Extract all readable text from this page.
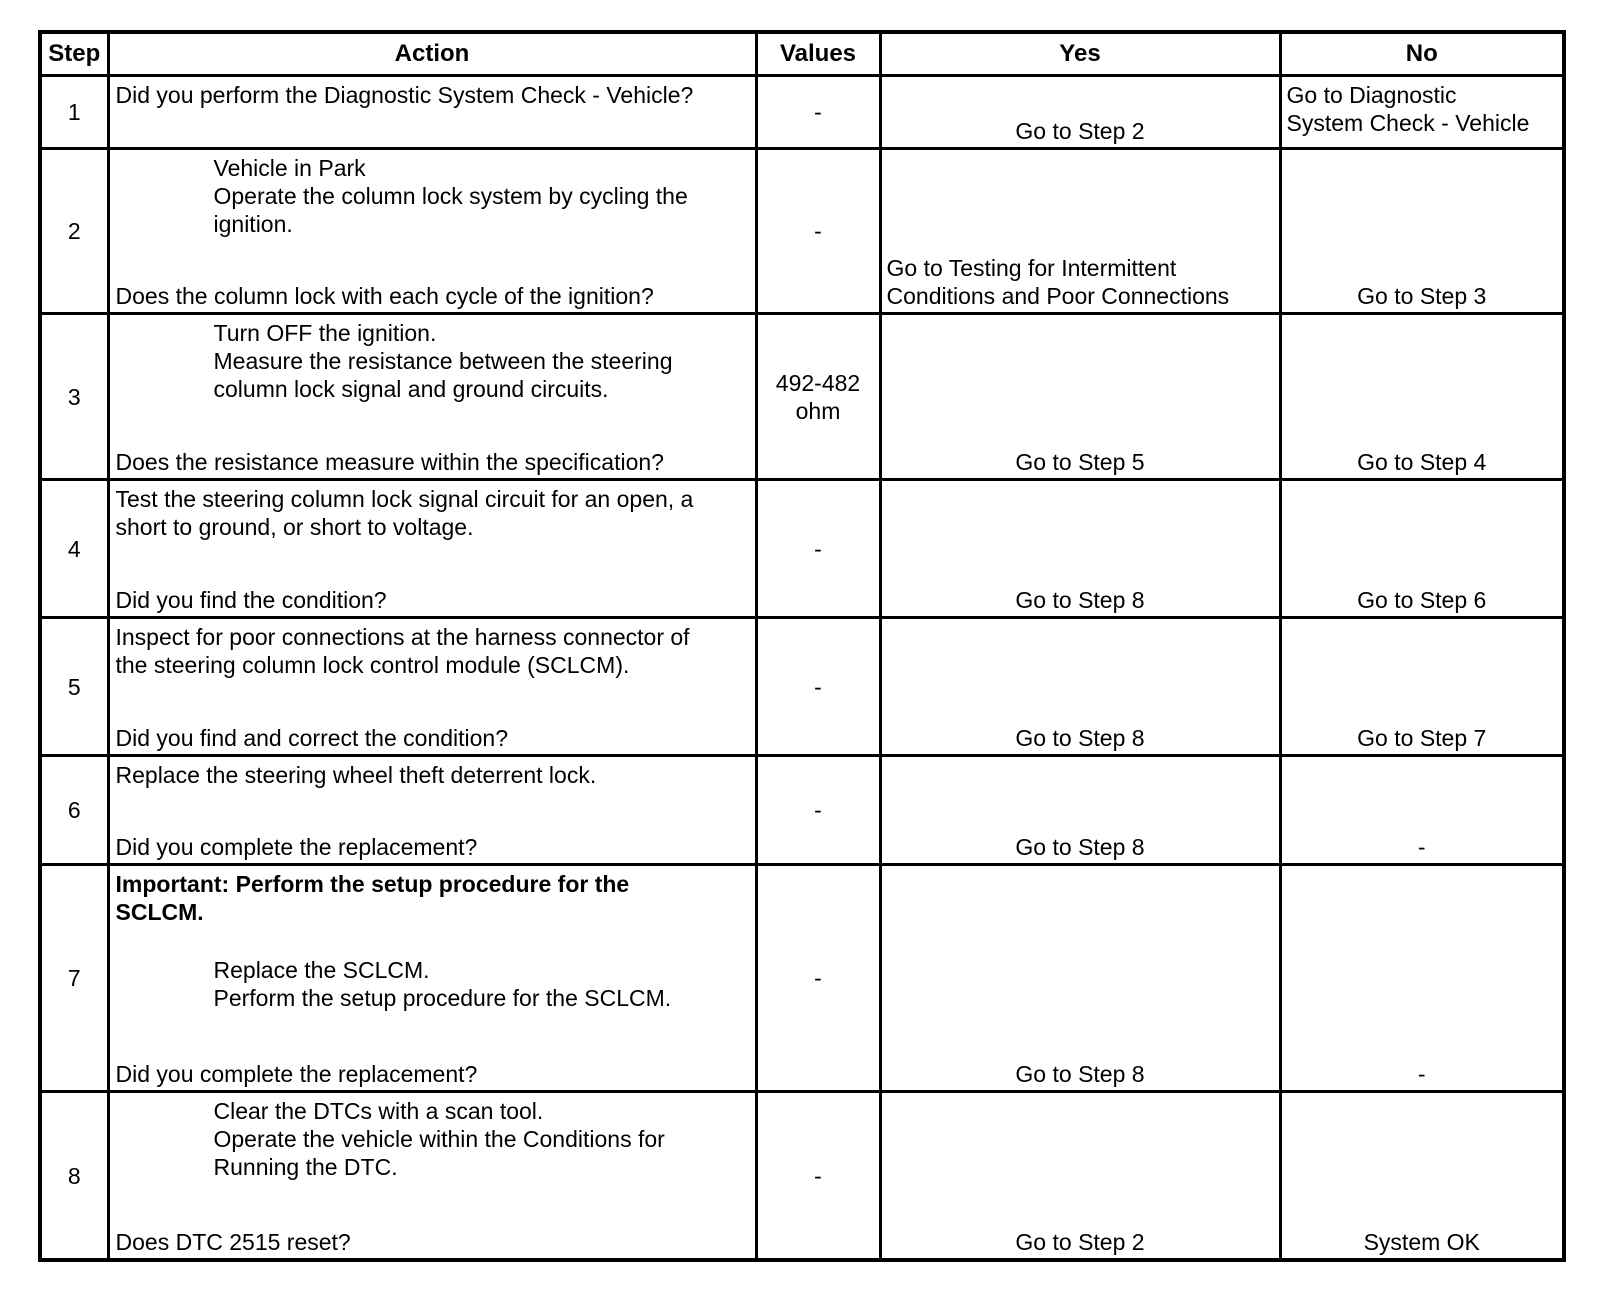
Step	Action	Values	Yes	No
1	Did you perform the Diagnostic System Check - Vehicle?	-	Go to Step 2	Go to Diagnostic
System Check - Vehicle

2	Vehicle in Park
Operate the column lock system by cycling the
ignition.
Does the column lock with each cycle of the ignition?	-	Go to Testing for Intermittent
Conditions and Poor Connections	Go to Step 3
3	Turn OFF the ignition.
Measure the resistance between the steering
column lock signal and ground circuits.
Does the resistance measure within the specification?	492-482
ohm	Go to Step 5	Go to Step 4
4	Test the steering column lock signal circuit for an open, a
short to ground, or short to voltage.
Did you find the condition?	-	Go to Step 8	Go to Step 6
5	Inspect for poor connections at the harness connector of
the steering column lock control module (SCLCM).
Did you find and correct the condition?	-	Go to Step 8	Go to Step 7
6	Replace the steering wheel theft deterrent lock.
Did you complete the replacement?	-	Go to Step 8	-
7	Important: Perform the setup procedure for the
SCLCM.
Replace the SCLCM.
Perform the setup procedure for the SCLCM.
Did you complete the replacement?	-	Go to Step 8	-
8	Clear the DTCs with a scan tool.
Operate the vehicle within the Conditions for
Running the DTC.
Does DTC 2515 reset?	-	Go to Step 2	System OK
